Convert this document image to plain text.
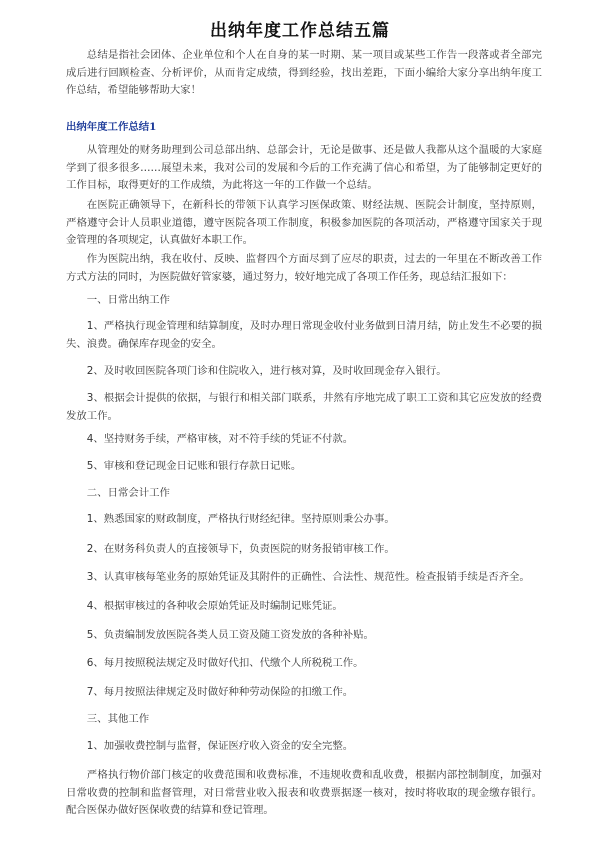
出纳年度工作总结五篇

总结是指社会团体、企业单位和个人在自身的某一时期、某一项目或某些工作告一段落或者全部完成后进行回顾检查、分析评价，从而肯定成绩，得到经验，找出差距，下面小编给大家分享出纳年度工作总结，希望能够帮助大家！

出纳年度工作总结1

从管理处的财务助理到公司总部出纳、总部会计，无论是做事、还是做人我都从这个温暖的大家庭学到了很多很多……展望未来，我对公司的发展和今后的工作充满了信心和希望，为了能够制定更好的工作目标，取得更好的工作成绩，为此将这一年的工作做一个总结。

在医院正确领导下，在新科长的带领下认真学习医保政策、财经法规、医院会计制度，坚持原则，严格遵守会计人员职业道德，遵守医院各项工作制度，积极参加医院的各项活动，严格遵守国家关于现金管理的各项规定，认真做好本职工作。

作为医院出纳，我在收付、反映、监督四个方面尽到了应尽的职责，过去的一年里在不断改善工作方式方法的同时，为医院做好管家婆，通过努力，较好地完成了各项工作任务，现总结汇报如下：

一、日常出纳工作

1、严格执行现金管理和结算制度，及时办理日常现金收付业务做到日清月结，防止发生不必要的损失、浪费。确保库存现金的安全。

2、及时收回医院各项门诊和住院收入，进行核对算，及时收回现金存入银行。

3、根据会计提供的依据，与银行和相关部门联系，井然有序地完成了职工工资和其它应发放的经费发放工作。

4、坚持财务手续，严格审核，对不符手续的凭证不付款。

5、审核和登记现金日记账和银行存款日记账。

二、日常会计工作

1、熟悉国家的财政制度，严格执行财经纪律。坚持原则秉公办事。

2、在财务科负责人的直接领导下，负责医院的财务报销审核工作。

3、认真审核每笔业务的原始凭证及其附件的正确性、合法性、规范性。检查报销手续是否齐全。

4、根据审核过的各种收会原始凭证及时编制记账凭证。

5、负责编制发放医院各类人员工资及随工资发放的各种补贴。

6、每月按照税法规定及时做好代扣、代缴个人所税税工作。

7、每月按照法律规定及时做好种种劳动保险的扣缴工作。

三、其他工作

1、加强收费控制与监督，保证医疗收入资金的安全完整。

严格执行物价部门核定的收费范围和收费标准，不违规收费和乱收费，根据内部控制制度，加强对日常收费的控制和监督管理，对日常营业收入报表和收费票据逐一核对，按时将收取的现金缴存银行。配合医保办做好医保收费的结算和登记管理。
